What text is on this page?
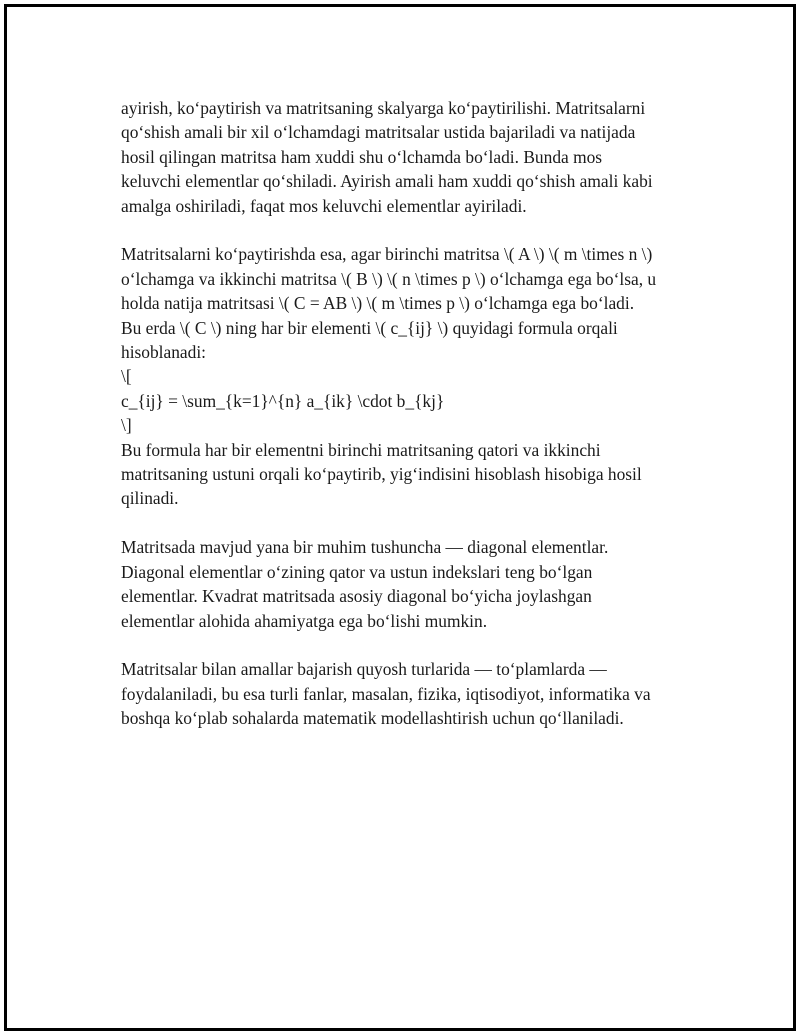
ayirish, ko‘paytirish va matritsaning skalyarga ko‘paytirilishi. Matritsalarni
qo‘shish amali bir xil o‘lchamdagi matritsalar ustida bajariladi va natijada
hosil qilingan matritsa ham xuddi shu o‘lchamda bo‘ladi. Bunda mos
keluvchi elementlar qo‘shiladi. Ayirish amali ham xuddi qo‘shish amali kabi
amalga oshiriladi, faqat mos keluvchi elementlar ayiriladi.

Matritsalarni ko‘paytirishda esa, agar birinchi matritsa \( A \) \( m \times n \)
o‘lchamga va ikkinchi matritsa \( B \) \( n \times p \) o‘lchamga ega bo‘lsa, u
holda natija matritsasi \( C = AB \) \( m \times p \) o‘lchamga ega bo‘ladi.
Bu erda \( C \) ning har bir elementi \( c_{ij} \) quyidagi formula orqali
hisoblanadi:
\[
c_{ij} = \sum_{k=1}^{n} a_{ik} \cdot b_{kj}
\]
Bu formula har bir elementni birinchi matritsaning qatori va ikkinchi
matritsaning ustuni orqali ko‘paytirib, yig‘indisini hisoblash hisobiga hosil
qilinadi.

Matritsada mavjud yana bir muhim tushuncha — diagonal elementlar.
Diagonal elementlar o‘zining qator va ustun indekslari teng bo‘lgan
elementlar. Kvadrat matritsada asosiy diagonal bo‘yicha joylashgan
elementlar alohida ahamiyatga ega bo‘lishi mumkin.

Matritsalar bilan amallar bajarish quyosh turlarida — to‘plamlarda —
foydalaniladi, bu esa turli fanlar, masalan, fizika, iqtisodiyot, informatika va
boshqa ko‘plab sohalarda matematik modellashtirish uchun qo‘llaniladi.
